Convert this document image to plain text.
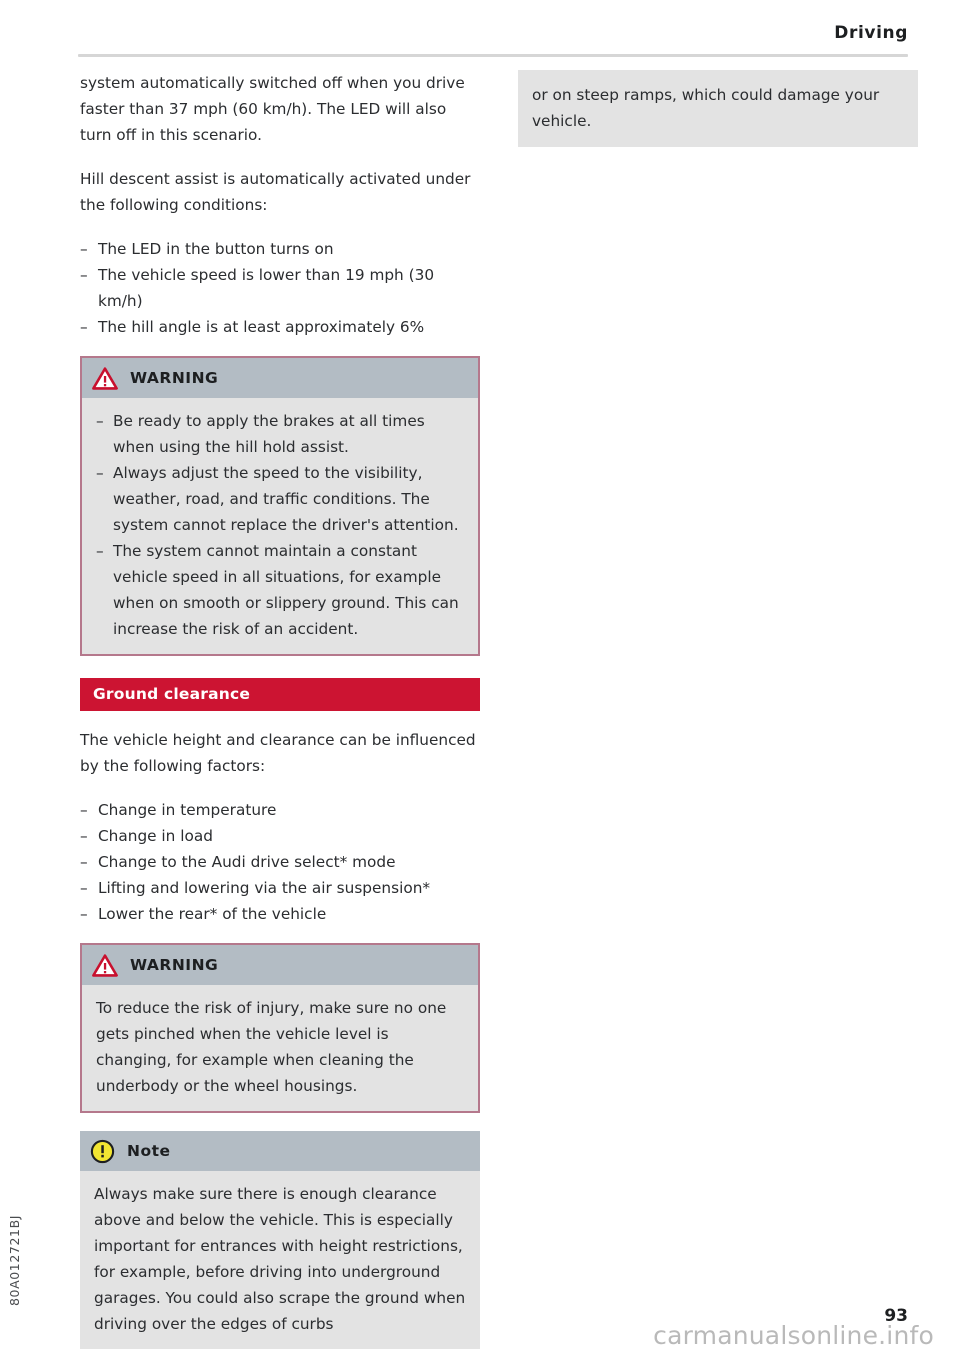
Driving

system automatically switched off when you drive faster than 37 mph (60 km/h). The LED will also turn off in this scenario.

Hill descent assist is automatically activated under the following conditions:

– The LED in the button turns on
– The vehicle speed is lower than 19 mph (30 km/h)
– The hill angle is at least approximately 6%
WARNING
– Be ready to apply the brakes at all times when using the hill hold assist.
– Always adjust the speed to the visibility, weather, road, and traffic conditions. The system cannot replace the driver's attention.
– The system cannot maintain a constant vehicle speed in all situations, for example when on smooth or slippery ground. This can increase the risk of an accident.
Ground clearance

The vehicle height and clearance can be influenced by the following factors:

– Change in temperature
– Change in load
– Change to the Audi drive select* mode
– Lifting and lowering via the air suspension*
– Lower the rear* of the vehicle
WARNING

To reduce the risk of injury, make sure no one gets pinched when the vehicle level is changing, for example when cleaning the underbody or the wheel housings.

Note

Always make sure there is enough clearance above and below the vehicle. This is especially important for entrances with height restrictions, for example, before driving into underground garages. You could also scrape the ground when driving over the edges of curbs

or on steep ramps, which could damage your vehicle.

80A012721BJ
93
carmanualsonline.info
